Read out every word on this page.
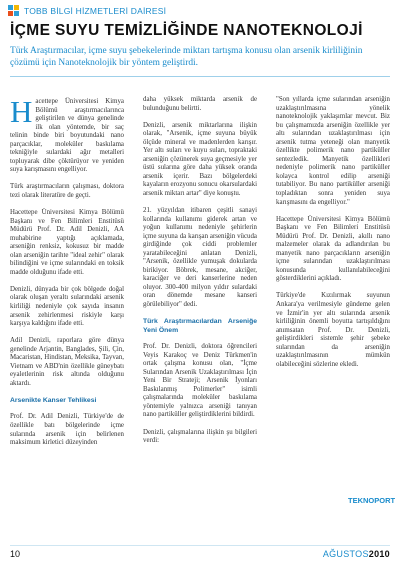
TOBB BİLGİ HİZMETLERİ DAİRESİ
İÇME SUYU TEMİZLİĞİNDE NANOTEKNOLOJİ
Türk Araştırmacılar, içme suyu şebekelerinde miktarı tartışma konusu olan arsenik kirliliğinin çözümü için Nanoteknolojik bir yöntem geliştirdi.

Hacettepe Üniversitesi Kimya Bölümü araştırmacılarınca geliştirilen ve dünya genelinde ilk olan yöntemde, bir saç telinin binde biri boyutundaki nano parçacıklar, moleküler baskılama tekniğiyle sulardaki ağır metalleri topluyarak dibe çöktürüyor ve yeniden suya karışmasını engelliyor.

Türk araştırmacıların çalışması, doktora tezi olarak literatüre de geçti.

Hacettepe Üniversitesi Kimya Bölümü Başkanı ve Fen Bilimleri Enstitüsü Müdürü Prof. Dr. Adil Denizli, AA muhabirine yaptığı açıklamada, arseniğin renksiz, kokusuz bir madde olan arseniğin tarihte "ideal zehir" olarak bilindiğini ve içme sularındaki en toksik madde olduğunu ifade etti.

Denizli, dünyada bir çok bölgede doğal olarak oluşan yeraltı sularındaki arsenik kirliliği nedeniyle çok sayıda insanın arsenik zehirlenmesi riskiyle karşı karşıya kaldığını ifade etti.

Adil Denizli, raporlara göre dünya genelinde Arjantin, Banglades, Şili, Çin, Macaristan, Hindistan, Meksika, Tayvan, Vietnam ve ABD'nin özellikle güneybatı eyaletlerinin risk altında olduğunu aktardı.

Arsenikte Kanser Tehlikesi

Prof. Dr. Adil Denizli, Türkiye'de de özellikle batı bölgelerinde içme sularında arsenik için belirlenen maksimum kirletici düzeyinden

daha yüksek miktarda arsenik de bulunduğunu belirtti.

Denizli, arsenik miktarlarına ilişkin olarak, "Arsenik, içme suyuna büyük ölçüde mineral ve madenlerden karışır. Yer altı suları ve kuyu suları, topraktaki arseniğin çözünerek suya geçmesiyle yer üstü sularına göre daha yüksek oranda arsenik içerir. Bazı bölgelerdeki kayaların erozyonu sonucu okarsulardaki arsenik miktarı artar" diye konuştu.

21. yüzyıldan itibaren çeşitli sanayi kollarında kullanımı giderek artan ve yoğun kullanımı nedeniyle şehirlerin içme suyuna da karışan arseniğin vücuda girdiğinde çok ciddi problemler yaratabileceğini anlatan Denizli, "Arsenik, özellikle yumuşak dokularda birikiyor. Böbrek, mesane, akciğer, karaciğer ve deri kanserlerine neden oluyor. 300-400 milyon yıldır sulardaki oran dönemde mesane kanseri görülebiliyor" dedi.

Türk Araştırmacılardan Arseniğe Yeni Önem

Prof. Dr. Denizli, doktora öğrencileri Veyis Karakoç ve Deniz Türkmen'in ortak çalışma konusu olan, "İçme Sularından Arsenik Uzaklaştırılması İçin Yeni Bir Strateji; Arsenik İyonları Baskılanmış Polimerler" isimli çalışmalarında moleküler baskılama yöntemiyle yalnızca arseniği tanıyan nano partiküller geliştirdiklerini bildirdi.

Denizli, çalışmalarına ilişkin şu bilgileri verdi:

"Son yıllarda içme sularından arseniğin uzaklaştırılmasına yönelik nanoteknolojik yaklaşımlar mevcut. Biz bu çalışmamızda arseniğin özellikle yer altı sularından uzaklaştırılması için arsenik tutma yeteneği olan manyetik özellikte polimerik nano partiküller sentezledik. Manyetik özellikleri nedeniyle polimerik nano partiküller kolayca kontrol edilip arseniği tutabiliyor. Bu nano partiküller arseniği topladıktan sonra yeniden suya karışmasını da engelliyor."

Hacettepe Üniversitesi Kimya Bölümü Başkanı ve Fen Bilimleri Enstitüsü Müdürü Prof. Dr. Denizli, akıllı nano malzemeler olarak da adlandırılan bu manyetik nano parçacıkların arseniğin içme sularından uzaklaştırılması konusunda kullanılabileceğini gösterdiklerini açıkladı.

Türkiye'de Kızılırmak suyunun Ankara'ya verilmesiyle gündeme gelen ve İzmir'in yer altı sularında arsenik kirliliğinin önemli boyutta tartışıldığını anımsatan Prof. Dr. Denizli, geliştirdikleri sistemle şehir şebeke sularından da arseniğin uzaklaştırılmasının mümkün olabileceğini sözlerine ekledi.

TEKNOPORT
10	AĞUSTOS2010
